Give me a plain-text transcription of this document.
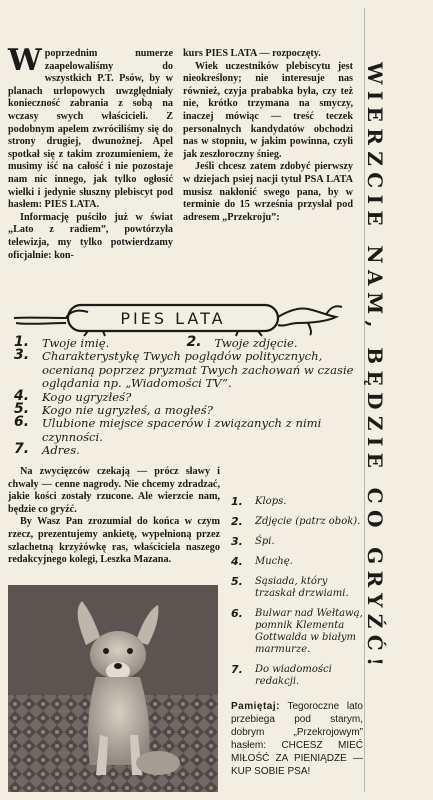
Wpoprzednim numerze zaapelowaliśmy do wszystkich P.T. Psów, by w planach urlopowych uwzględniały konieczność zabrania z sobą na wczasy swych właścicieli. Z podobnym apelem zwróciliśmy się do strony drugiej, dwunożnej. Apel spotkał się z takim zrozumieniem, że musimy iść na całość i nie pozostaje nam nic innego, jak tylko ogłosić wielki i jedynie słuszny plebiscyt pod hasłem: PIES LATA.

Informację puściło już w świat „Lato z radiem”, powtórzyła telewizja, my tylko potwierdzamy oficjalnie: kon-

kurs PIES LATA — rozpoczęty.

Wiek uczestników plebiscytu jest nieokreślony; nie interesuje nas również, czyja prababka była, czy też nie, krótko trzymana na smyczy, inaczej mówiąc — treść teczek personalnych kandydatów obchodzi nas w stopniu, w jakim powinna, czyli jak zeszłoroczny śnieg.

Jeśli chcesz zatem zdobyć pierwszy w dziejach psiej nacji tytuł PSA LATA musisz nakłonić swego pana, by w terminie do 15 września przysłał pod adresem „Przekroju”:	WIERZCIE NAM, BĘDZIE CO GRYŹĆ!
PIES LATA
1. Twoje imię.	2. Twoje zdjęcie.
3. Charakterystykę Twych poglądów politycznych, ocenianą poprzez pryzmat Twych zachowań w czasie oglądania np. „Wiadomości TV”.
4. Kogo ugryzłeś?
5. Kogo nie ugryzłeś, a mogłeś?
6. Ulubione miejsce spacerów i związanych z nimi czynności.
7. Adres.

Na zwycięzców czekają — prócz sławy i chwały — cenne nagrody. Nie chcemy zdradzać, jakie kości zostały rzucone. Ale wierzcie nam, będzie co gryźć.

By Wasz Pan zrozumiał do końca w czym rzecz, prezentujemy ankietę, wypełnioną przez szlachetną krzyżówkę ras, właściciela naszego redakcyjnego kolegi, Leszka Mazana.

1. Klops.
2. Zdjęcie (patrz obok).
3. Śpi.
4. Muchę.
5. Sąsiada, który trzaskał drzwiami.
6. Bulwar nad Wełtawą, pomnik Klementa Gottwalda w białym marmurze.
7. Do wiadomości redakcji.
Pamiętaj: Tegoroczne lato przebiega pod starym, dobrym „Przekrojowym” hasłem: CHCESZ MIEĆ MIŁOŚĆ ZA PIENIĄDZE — KUP SOBIE PSA!
